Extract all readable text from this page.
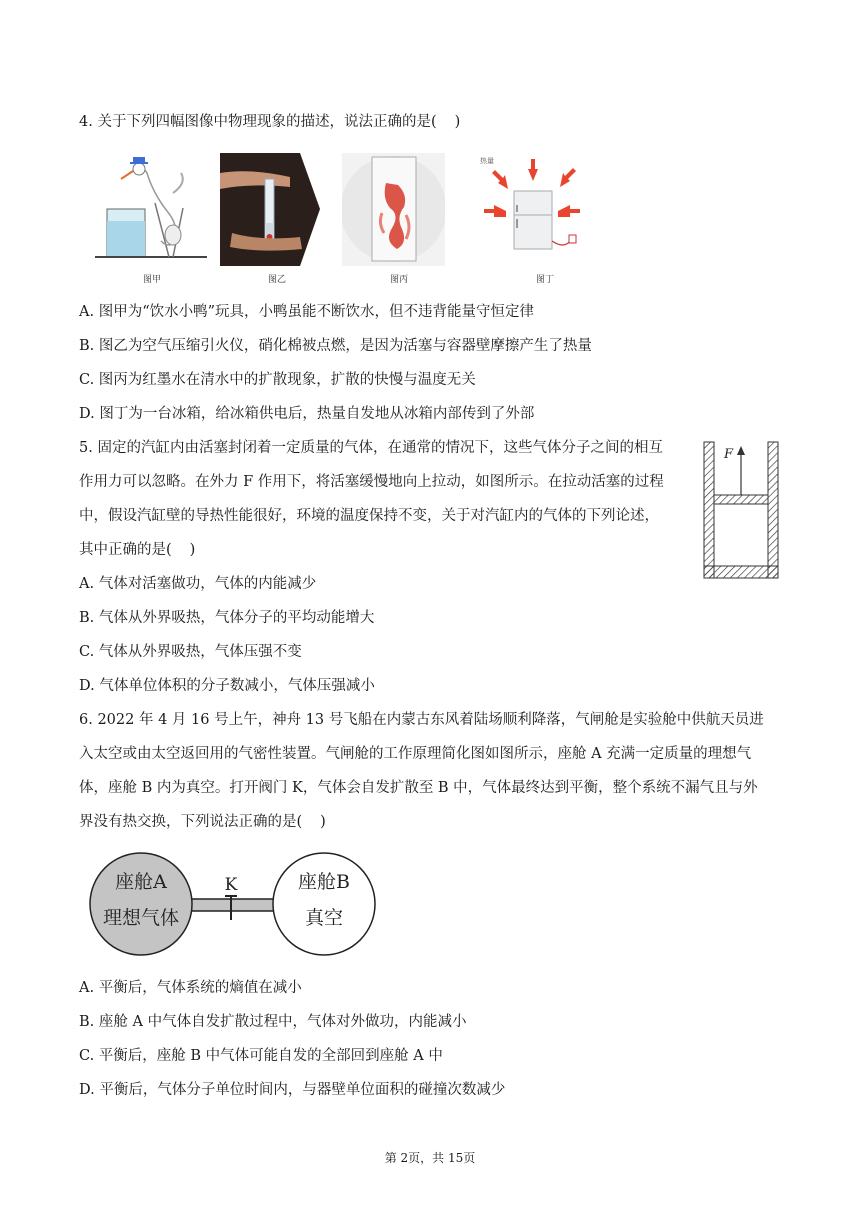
4. 关于下列四幅图像中物理现象的描述，说法正确的是( )
图甲	图乙	图丙
热量
图丁
A. 图甲为“饮水小鸭”玩具，小鸭虽能不断饮水，但不违背能量守恒定律
B. 图乙为空气压缩引火仪，硝化棉被点燃，是因为活塞与容器壁摩擦产生了热量
C. 图丙为红墨水在清水中的扩散现象，扩散的快慢与温度无关
D. 图丁为一台冰箱，给冰箱供电后，热量自发地从冰箱内部传到了外部
5. 固定的汽缸内由活塞封闭着一定质量的气体，在通常的情况下，这些气体分子之间的相互
作用力可以忽略。在外力 F 作用下，将活塞缓慢地向上拉动，如图所示。在拉动活塞的过程
中，假设汽缸壁的导热性能很好，环境的温度保持不变，关于对汽缸内的气体的下列论述，
其中正确的是( )
F
A. 气体对活塞做功，气体的内能减少
B. 气体从外界吸热，气体分子的平均动能增大
C. 气体从外界吸热，气体压强不变
D. 气体单位体积的分子数减小，气体压强减小
6. 2022 年 4 月 16 号上午，神舟 13 号飞船在内蒙古东风着陆场顺利降落，气闸舱是实验舱中供航天员进
入太空或由太空返回用的气密性装置。气闸舱的工作原理简化图如图所示，座舱 A 充满一定质量的理想气
体，座舱 B 内为真空。打开阀门 K，气体会自发扩散至 B 中，气体最终达到平衡，整个系统不漏气且与外
界没有热交换，下列说法正确的是( )
K
座舱A
理想气体
座舱B
真空
A. 平衡后，气体系统的熵值在减小
B. 座舱 A 中气体自发扩散过程中，气体对外做功，内能减小
C. 平衡后，座舱 B 中气体可能自发的全部回到座舱 A 中
D. 平衡后，气体分子单位时间内，与器壁单位面积的碰撞次数减少
第 2页，共 15页
